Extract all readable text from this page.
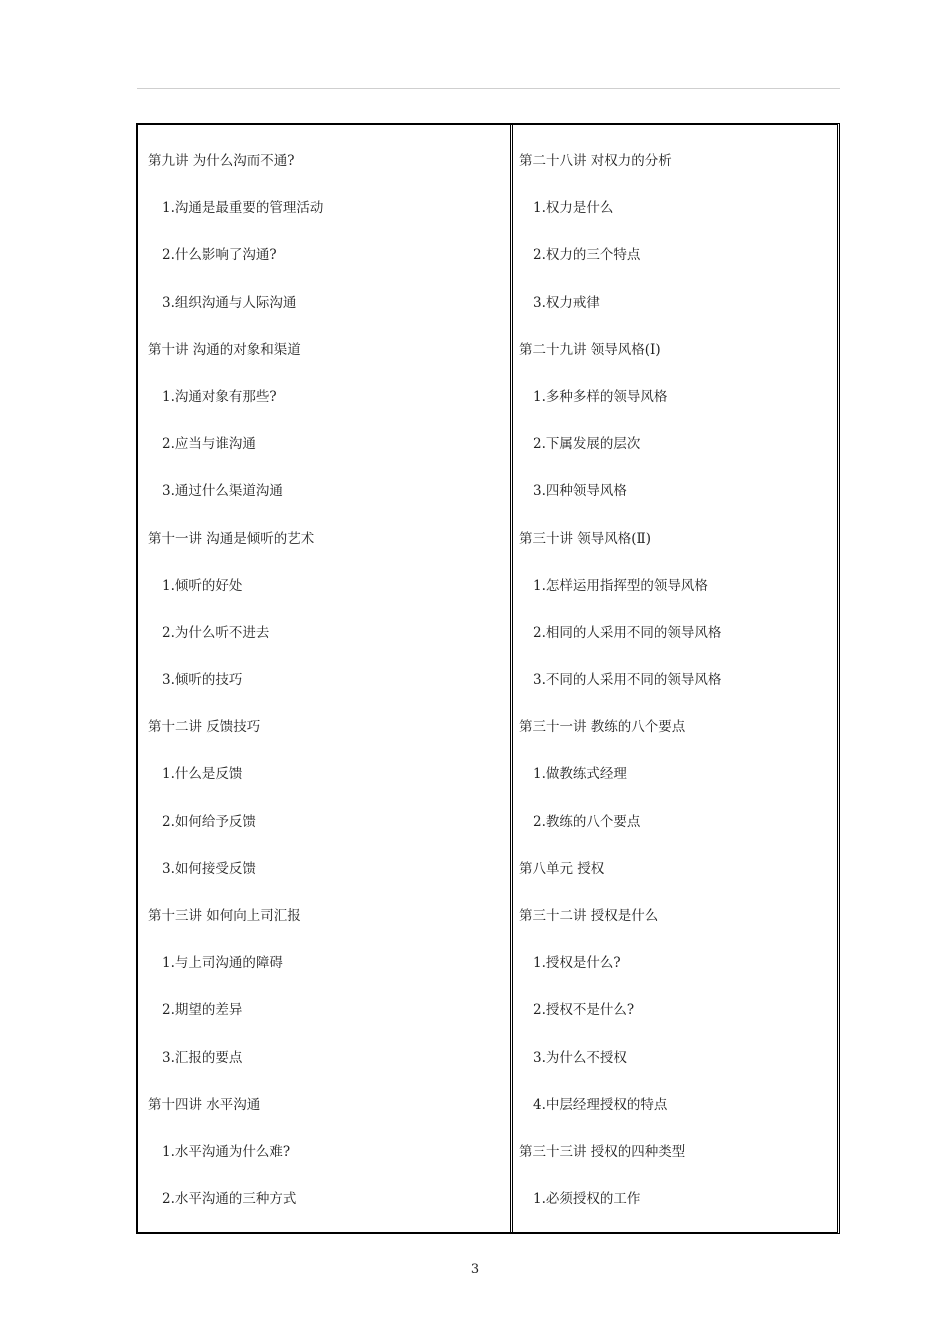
第九讲 为什么沟而不通?
1.沟通是最重要的管理活动
2.什么影响了沟通?
3.组织沟通与人际沟通
第十讲 沟通的对象和渠道
1.沟通对象有那些?
2.应当与谁沟通
3.通过什么渠道沟通
第十一讲 沟通是倾听的艺术
1.倾听的好处
2.为什么听不进去
3.倾听的技巧
第十二讲 反馈技巧
1.什么是反馈
2.如何给予反馈
3.如何接受反馈
第十三讲 如何向上司汇报
1.与上司沟通的障碍
2.期望的差异
3.汇报的要点
第十四讲 水平沟通
1.水平沟通为什么难?
2.水平沟通的三种方式
第二十八讲 对权力的分析
1.权力是什么
2.权力的三个特点
3.权力戒律
第二十九讲 领导风格(Ⅰ)
1.多种多样的领导风格
2.下属发展的层次
3.四种领导风格
第三十讲 领导风格(Ⅱ)
1.怎样运用指挥型的领导风格
2.相同的人采用不同的领导风格
3.不同的人采用不同的领导风格
第三十一讲 教练的八个要点
1.做教练式经理
2.教练的八个要点
第八单元 授权
第三十二讲 授权是什么
1.授权是什么?
2.授权不是什么?
3.为什么不授权
4.中层经理授权的特点
第三十三讲 授权的四种类型
1.必须授权的工作
3
